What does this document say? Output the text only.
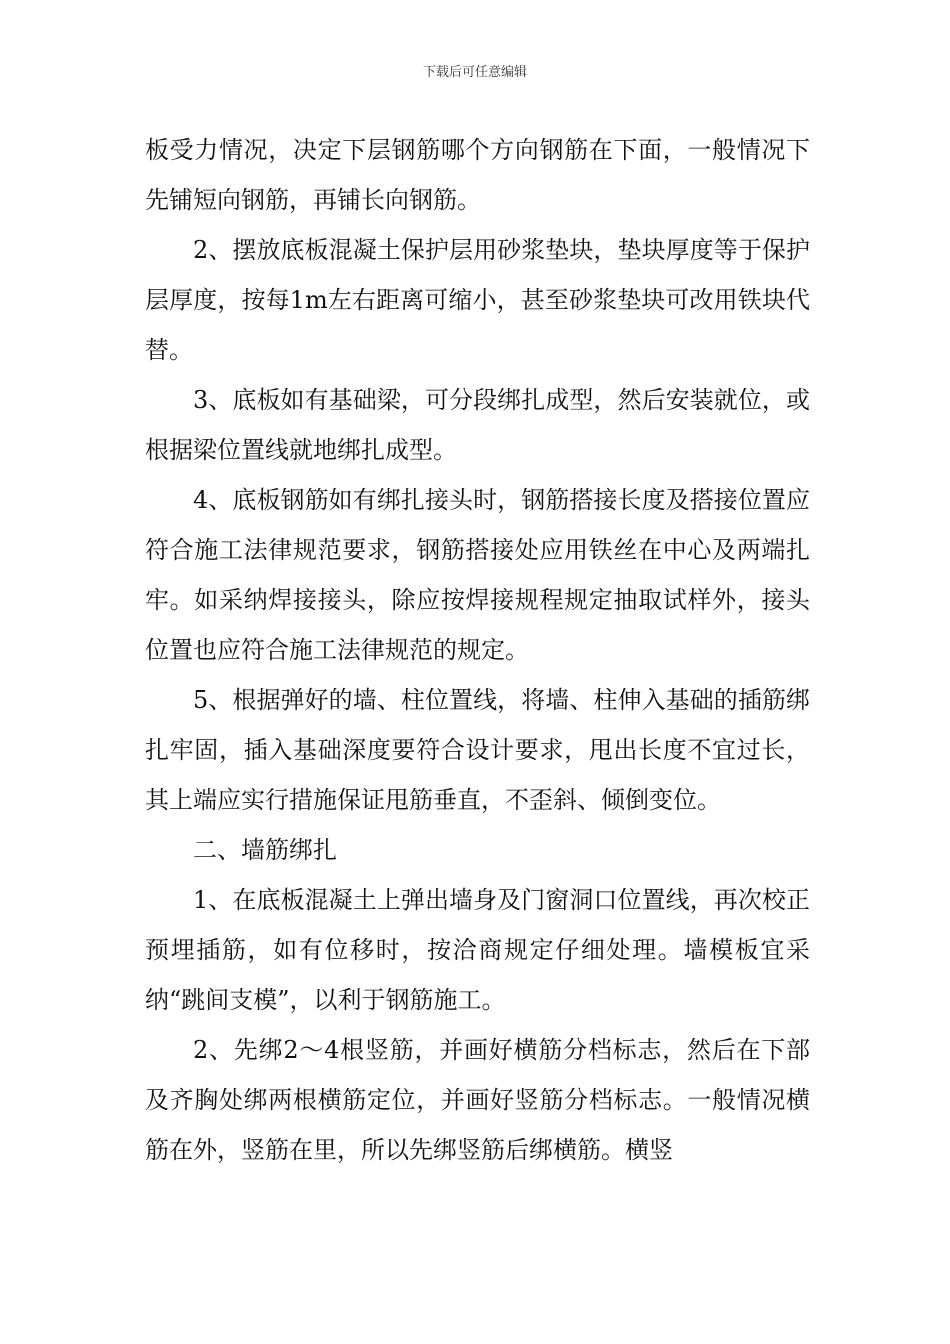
下载后可任意编辑

板受力情况，决定下层钢筋哪个方向钢筋在下面，一般情况下先铺短向钢筋，再铺长向钢筋。

2、摆放底板混凝土保护层用砂浆垫块，垫块厚度等于保护层厚度，按每1m左右距离可缩小，甚至砂浆垫块可改用铁块代替。

3、底板如有基础梁，可分段绑扎成型，然后安装就位，或根据梁位置线就地绑扎成型。

4、底板钢筋如有绑扎接头时，钢筋搭接长度及搭接位置应符合施工法律规范要求，钢筋搭接处应用铁丝在中心及两端扎牢。如采纳焊接接头，除应按焊接规程规定抽取试样外，接头位置也应符合施工法律规范的规定。

5、根据弹好的墙、柱位置线，将墙、柱伸入基础的插筋绑扎牢固，插入基础深度要符合设计要求，甩出长度不宜过长，其上端应实行措施保证甩筋垂直，不歪斜、倾倒变位。

二、墙筋绑扎

1、在底板混凝土上弹出墙身及门窗洞口位置线，再次校正预埋插筋，如有位移时，按洽商规定仔细处理。墙模板宜采纳“跳间支模”，以利于钢筋施工。

2、先绑2～4根竖筋，并画好横筋分档标志，然后在下部及齐胸处绑两根横筋定位，并画好竖筋分档标志。一般情况横筋在外，竖筋在里，所以先绑竖筋后绑横筋。横竖
